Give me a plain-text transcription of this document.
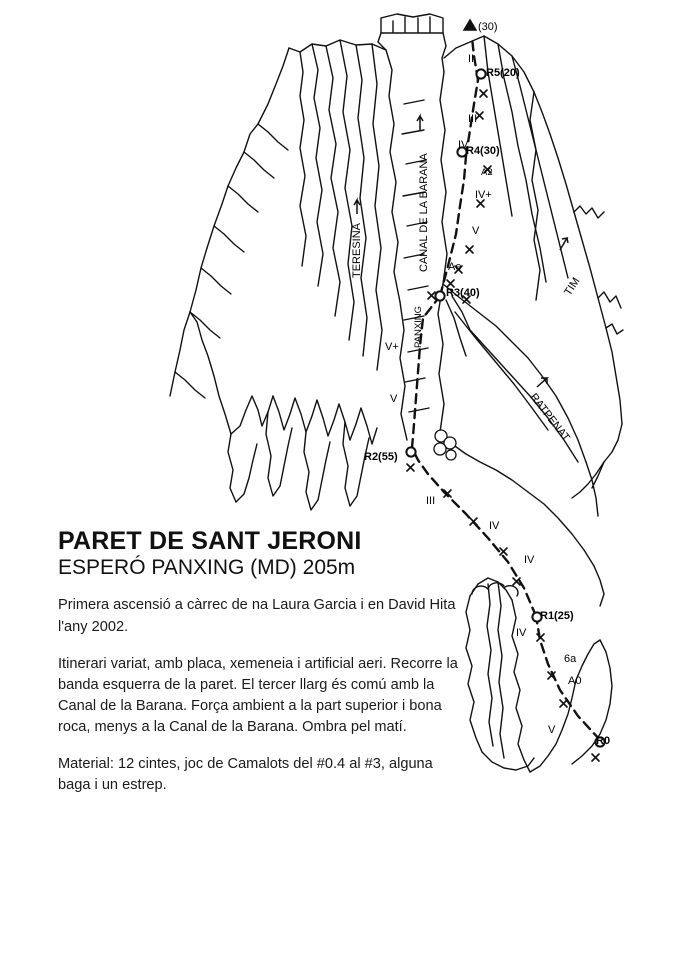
TERESINA	CANAL DE LA BARANA
TIM
RATPENAT
PANXING
R5(20)
R4(30)
R3(40)
R2(55)
R1(25)
R0
(30)
II
III
IV
IV+
V
Ae
V+
V
III
IV
IV
IV
6a
A0
V
A2
PARET DE SANT JERONI
ESPERÓ PANXING (MD) 205m

Primera ascensió a càrrec de na Laura Garcia i en David Hita l'any 2002.

Itinerari variat, amb placa, xemeneia i artificial aeri. Recorre la banda esquerra de la paret. El tercer llarg és comú amb la Canal de la Barana. Força ambient a la part superior i bona roca, menys a la Canal de la Barana. Ombra pel matí.

Material: 12 cintes, joc de Camalots del #0.4 al #3, alguna baga i un estrep.
